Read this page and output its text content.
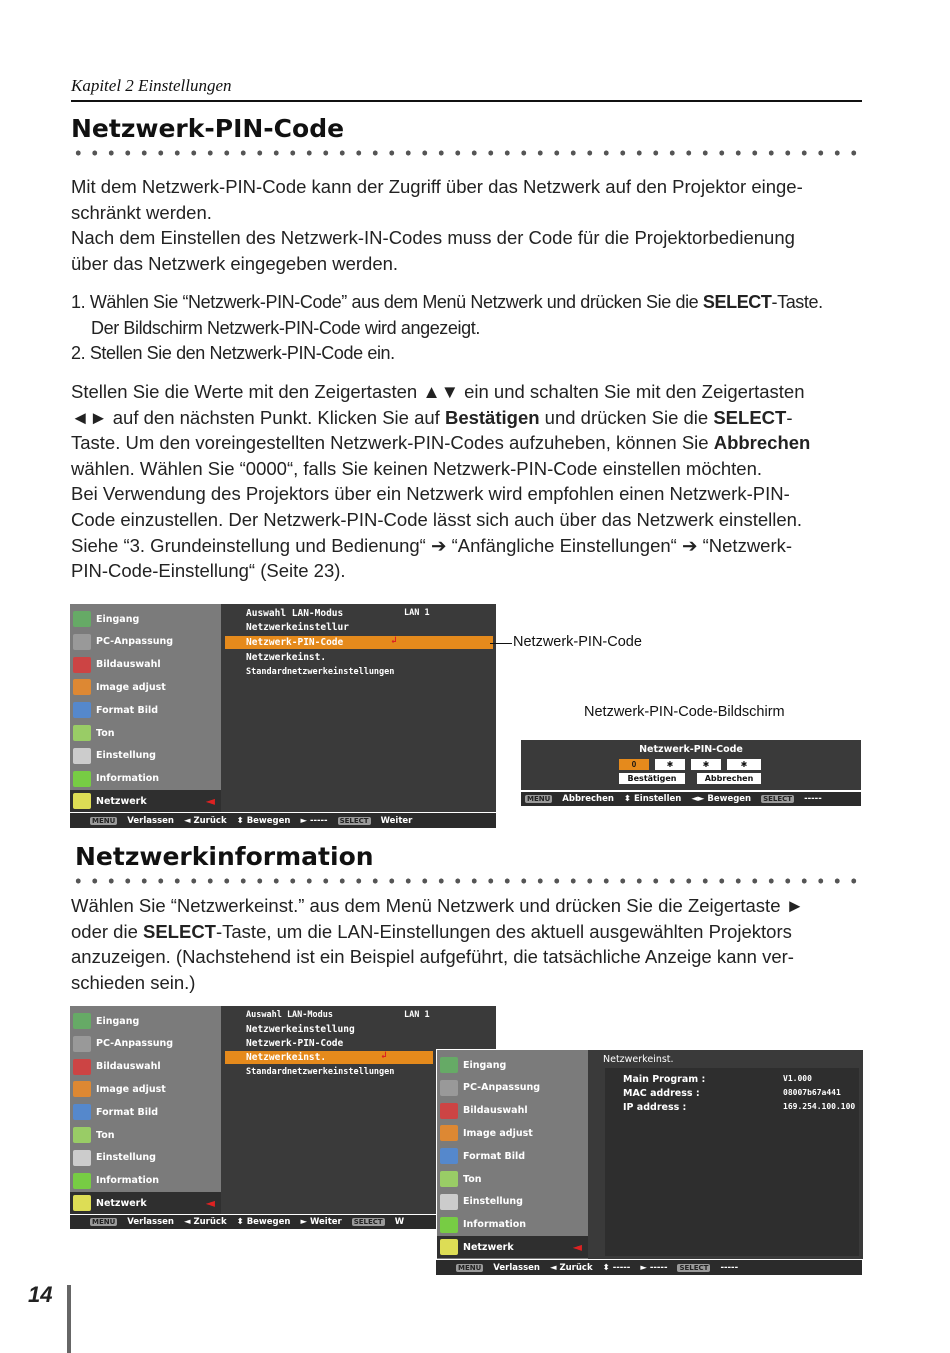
Kapitel 2 Einstellungen
Netzwerk-PIN-Code
Mit dem Netzwerk-PIN-Code kann der Zugriff über das Netzwerk auf den Projektor einge-
schränkt werden.
Nach dem Einstellen des Netzwerk-IN-Codes muss der Code für die Projektorbedienung
über das Netzwerk eingegeben werden.
1. Wählen Sie “Netzwerk-PIN-Code” aus dem Menü Netzwerk und drücken Sie die SELECT-Taste.
Der Bildschirm Netzwerk-PIN-Code wird angezeigt.
2. Stellen Sie den Netzwerk-PIN-Code ein.
Stellen Sie die Werte mit den Zeigertasten ▲▼ ein und schalten Sie mit den Zeigertasten
◄► auf den nächsten Punkt. Klicken Sie auf Bestätigen und drücken Sie die SELECT-
Taste. Um den voreingestellten Netzwerk-PIN-Codes aufzuheben, können Sie Abbrechen
wählen. Wählen Sie “0000“, falls Sie keinen Netzwerk-PIN-Code einstellen möchten.
Bei Verwendung des Projektors über ein Netzwerk wird empfohlen einen Netzwerk-PIN-
Code einzustellen. Der Netzwerk-PIN-Code lässt sich auch über das Netzwerk einstellen.
Siehe “3. Grundeinstellung und Bedienung“ ➔ “Anfängliche Einstellungen“ ➔ “Netzwerk-
PIN-Code-Einstellung“ (Seite 23).
Eingang
PC-Anpassung
Bildauswahl
Image adjust
Format Bild
Ton
Einstellung
Information
Netzwerk	◄
Auswahl LAN-Modus	LAN 1
Netzwerkeinstellur
Netzwerk-PIN-Code	↲
Netzwerkeinst.
Standardnetzwerkeinstellungen
MENU Verlassen ◄ Zurück ⬍ Bewegen ► ----- SELECT Weiter
Netzwerk-PIN-Code
Netzwerk-PIN-Code-Bildschirm
Netzwerk-PIN-Code
0	✱	✱	✱
Bestätigen	Abbrechen
MENU Abbrechen ⬍ Einstellen ◄► Bewegen SELECT -----
Netzwerkinformation
Wählen Sie “Netzwerkeinst.” aus dem Menü Netzwerk und drücken Sie die Zeigertaste ►
oder die SELECT-Taste, um die LAN-Einstellungen des aktuell ausgewählten Projektors
anzuzeigen. (Nachstehend ist ein Beispiel aufgeführt, die tatsächliche Anzeige kann ver-
schieden sein.)
Eingang
PC-Anpassung
Bildauswahl
Image adjust
Format Bild
Ton
Einstellung
Information
Netzwerk	◄
Auswahl LAN-Modus	LAN 1
Netzwerkeinstellung
Netzwerk-PIN-Code
Netzwerkeinst.	↲
Standardnetzwerkeinstellungen
MENU Verlassen ◄ Zurück ⬍ Bewegen ► Weiter SELECT W
Eingang
PC-Anpassung
Bildauswahl
Image adjust
Format Bild
Ton
Einstellung
Information
Netzwerk	◄
Netzwerkeinst.
Main Program :	V1.000
MAC address :	08007b67a441
IP address :	169.254.100.100
MENU Verlassen ◄ Zurück ⬍ ----- ► ----- SELECT -----
14
